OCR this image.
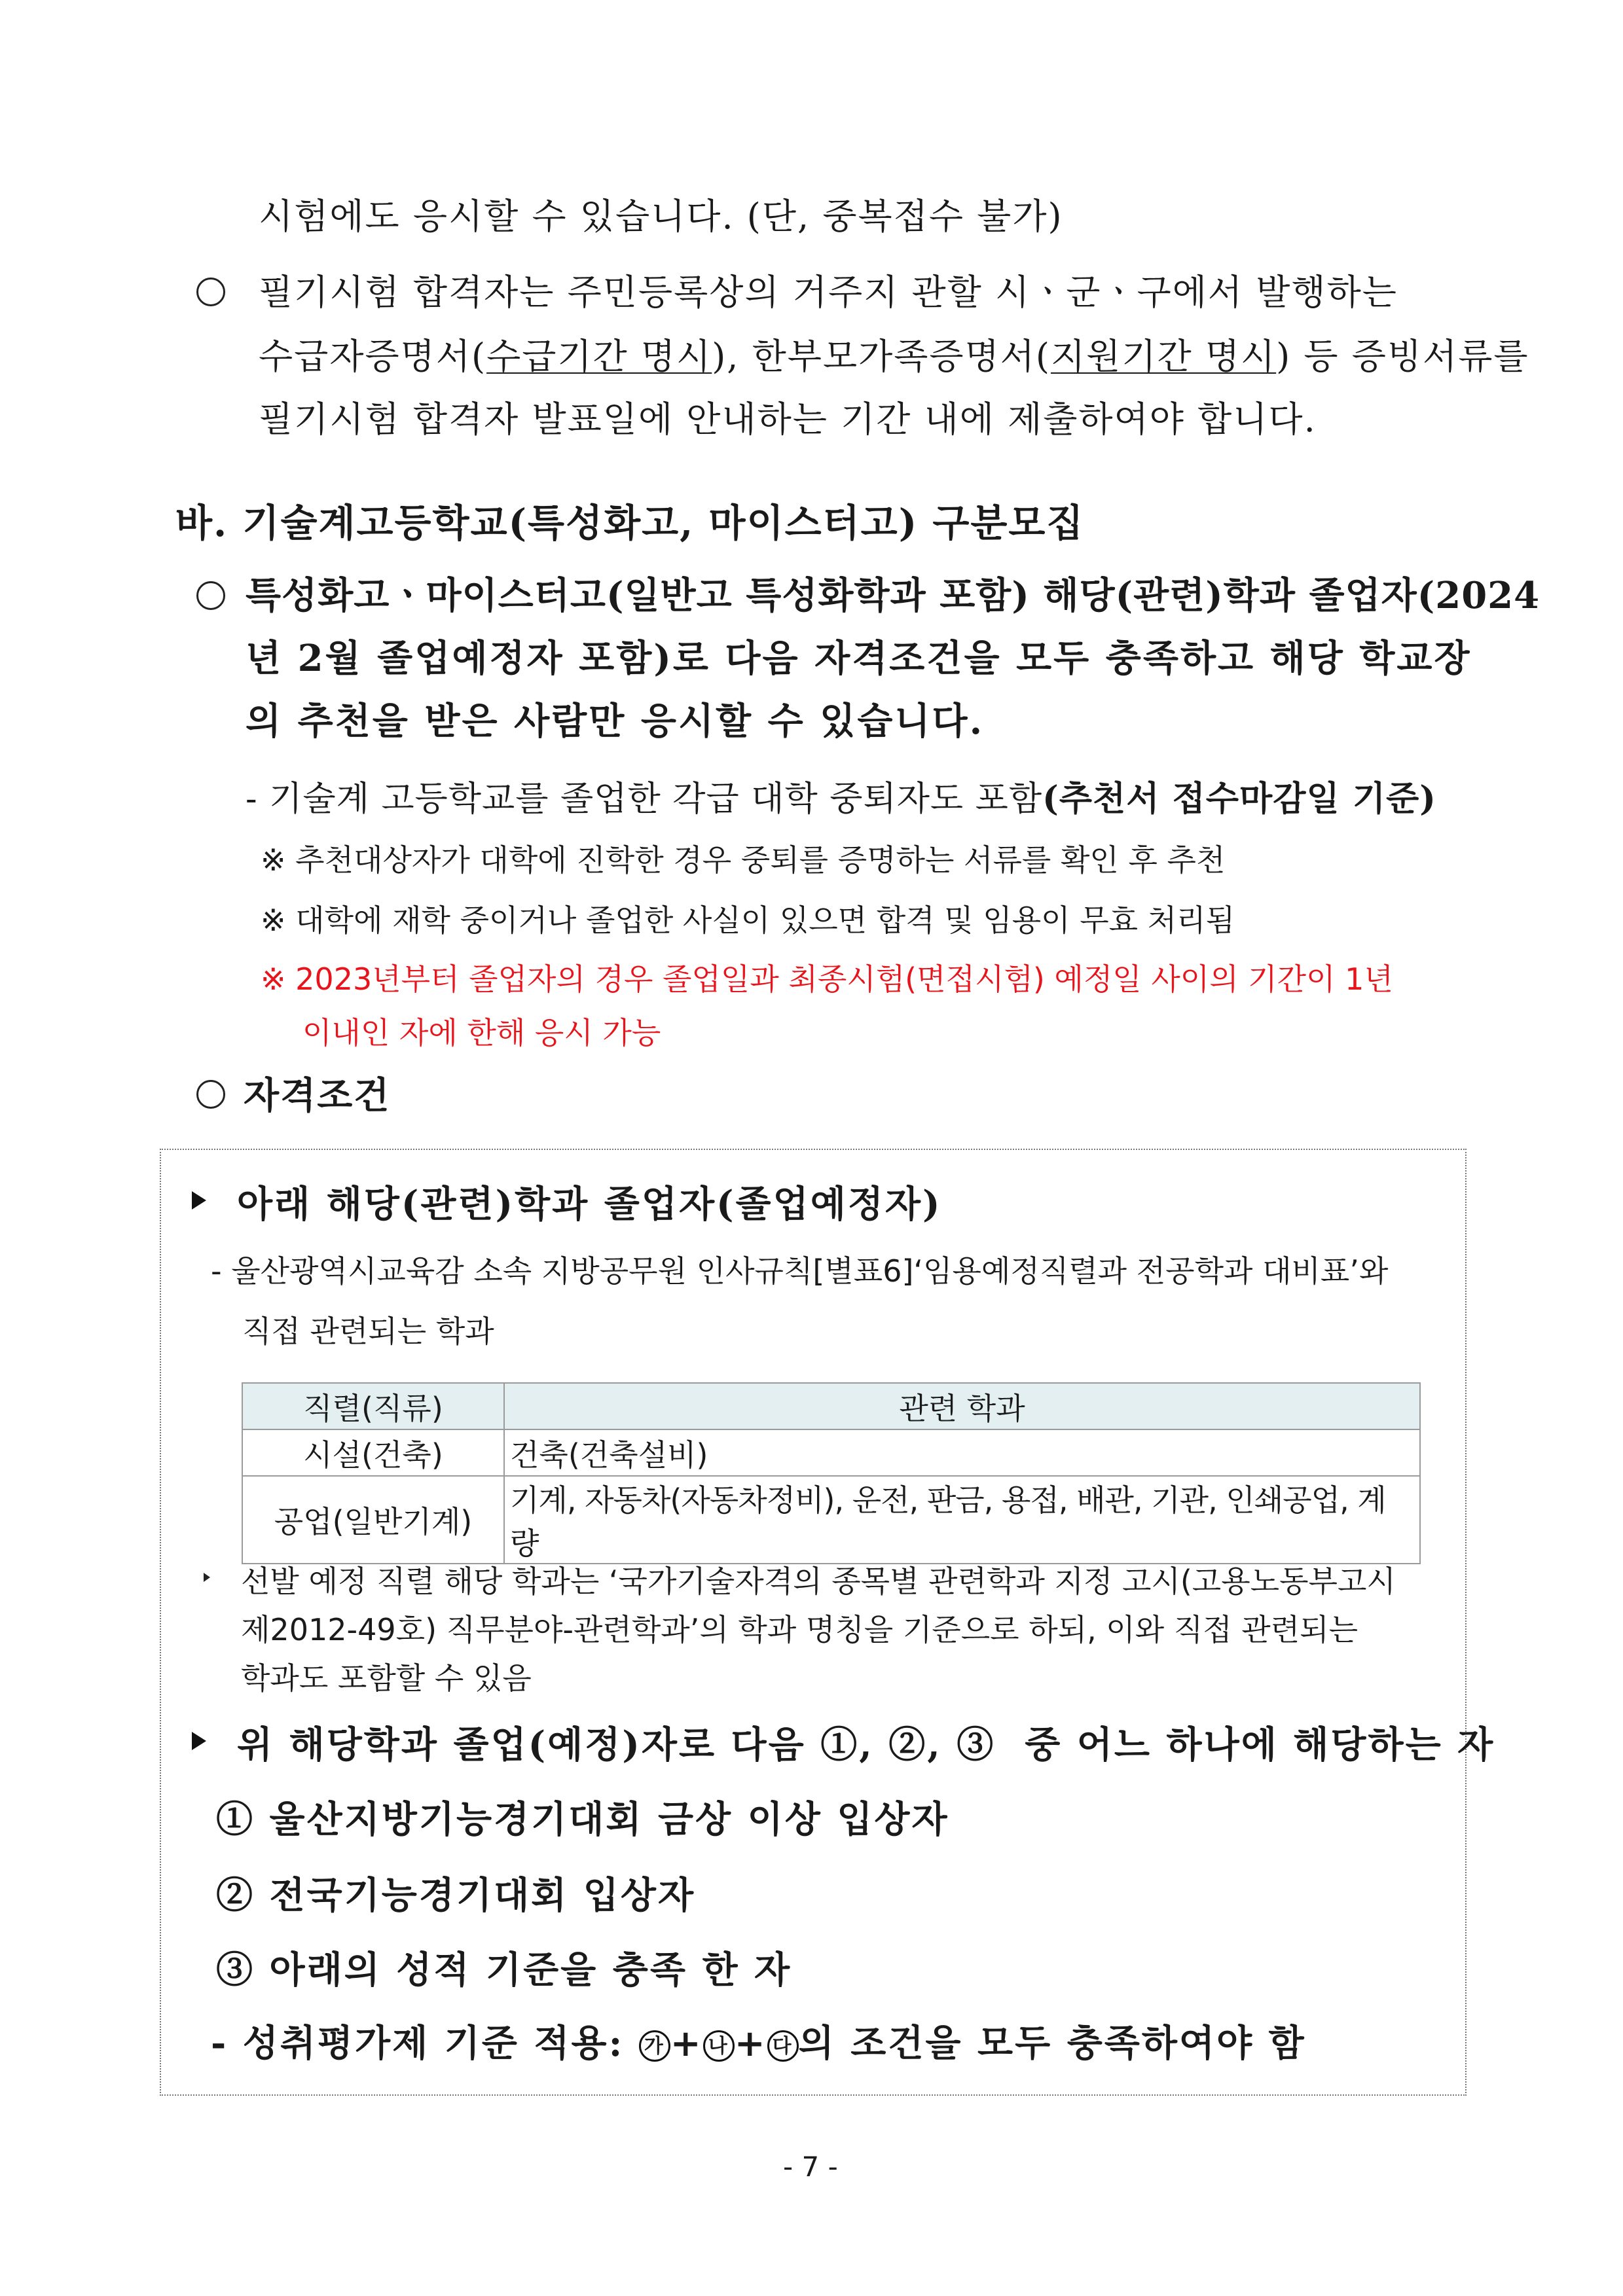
시험에도 응시할 수 있습니다. (단, 중복접수 불가)
필기시험 합격자는 주민등록상의 거주지 관할 시ㆍ군ㆍ구에서 발행하는
수급자증명서(수급기간 명시), 한부모가족증명서(지원기간 명시) 등 증빙서류를
필기시험 합격자 발표일에 안내하는 기간 내에 제출하여야 합니다.
바. 기술계고등학교(특성화고, 마이스터고) 구분모집
특성화고ㆍ마이스터고(일반고 특성화학과 포함) 해당(관련)학과 졸업자(2024
년 2월 졸업예정자 포함)로 다음 자격조건을 모두 충족하고 해당 학교장
의 추천을 받은 사람만 응시할 수 있습니다.
- 기술계 고등학교를 졸업한 각급 대학 중퇴자도 포함(추천서 접수마감일 기준)
※ 추천대상자가 대학에 진학한 경우 중퇴를 증명하는 서류를 확인 후 추천
※ 대학에 재학 중이거나 졸업한 사실이 있으면 합격 및 임용이 무효 처리됨
※ 2023년부터 졸업자의 경우 졸업일과 최종시험(면접시험) 예정일 사이의 기간이 1년
이내인 자에 한해 응시 가능
자격조건
아래 해당(관련)학과 졸업자(졸업예정자)
- 울산광역시교육감 소속 지방공무원 인사규칙[별표6]‘임용예정직렬과 전공학과 대비표’와
직접 관련되는 학과
직렬(직류)	관련 학과
시설(건축)	건축(건축설비)
공업(일반기계)	기계, 자동차(자동차정비), 운전, 판금, 용접, 배관, 기관, 인쇄공업, 계량
선발 예정 직렬 해당 학과는 ‘국가기술자격의 종목별 관련학과 지정 고시(고용노동부고시
제2012-49호) 직무분야-관련학과’의 학과 명칭을 기준으로 하되, 이와 직접 관련되는
학과도 포함할 수 있음
위 해당학과 졸업(예정)자로 다음 ①, ②, ③ 중 어느 하나에 해당하는 자
① 울산지방기능경기대회 금상 이상 입상자
② 전국기능경기대회 입상자
③ 아래의 성적 기준을 충족 한 자
- 성취평가제 기준 적용: 가 + 나 + 다 의 조건을 모두 충족하여야 함
- 7 -
